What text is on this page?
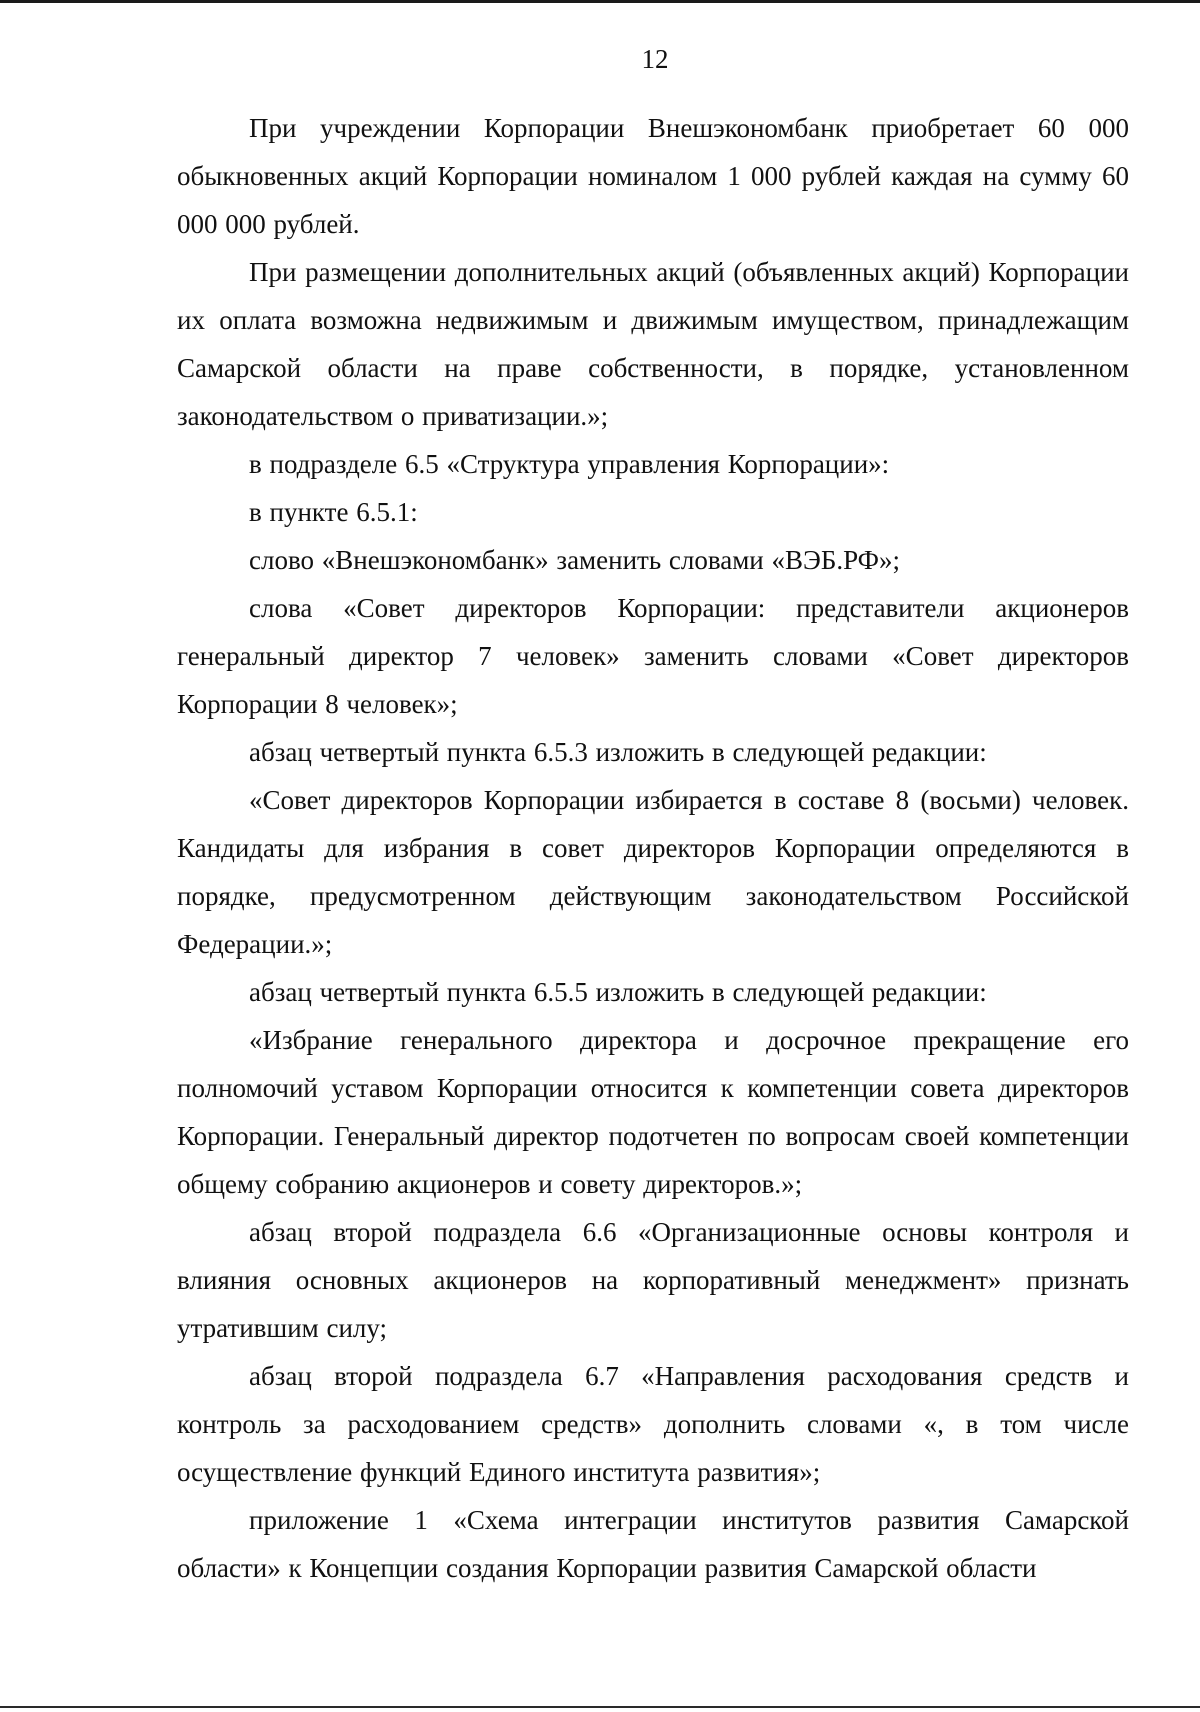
12

При учреждении Корпорации Внешэкономбанк приобретает 60 000 обыкновенных акций Корпорации номиналом 1 000 рублей каждая на сумму 60 000 000 рублей.

При размещении дополнительных акций (объявленных акций) Корпорации их оплата возможна недвижимым и движимым имуществом, принадлежащим Самарской области на праве собственности, в порядке, установленном законодательством о приватизации.»;

в подразделе 6.5 «Структура управления Корпорации»:

в пункте 6.5.1:

слово «Внешэкономбанк» заменить словами «ВЭБ.РФ»;

слова «Совет директоров Корпорации: представители акционеров генеральный директор 7 человек» заменить словами «Совет директоров Корпорации 8 человек»;

абзац четвертый пункта 6.5.3 изложить в следующей редакции:

«Совет директоров Корпорации избирается в составе 8 (восьми) человек. Кандидаты для избрания в совет директоров Корпорации определяются в порядке, предусмотренном действующим законодательством Российской Федерации.»;

абзац четвертый пункта 6.5.5 изложить в следующей редакции:

«Избрание генерального директора и досрочное прекращение его полномочий уставом Корпорации относится к компетенции совета директоров Корпорации. Генеральный директор подотчетен по вопросам своей компетенции общему собранию акционеров и совету директоров.»;

абзац второй подраздела 6.6 «Организационные основы контроля и влияния основных акционеров на корпоративный менеджмент» признать утратившим силу;

абзац второй подраздела 6.7 «Направления расходования средств и контроль за расходованием средств» дополнить словами «, в том числе осуществление функций Единого института развития»;

приложение 1 «Схема интеграции институтов развития Самарской области» к Концепции создания Корпорации развития Самарской области
